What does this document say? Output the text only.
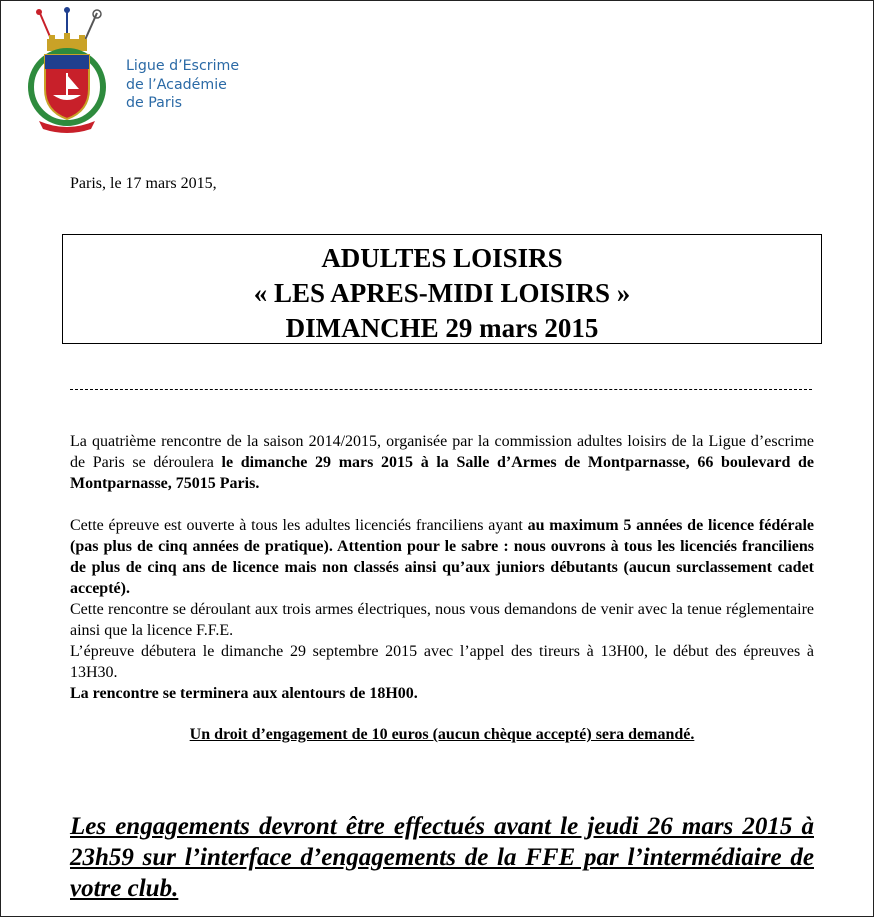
Ligue d’Escrime
de l’Académie
de Paris
Paris, le 17 mars 2015,
ADULTES LOISIRS
« LES APRES-MIDI LOISIRS »
DIMANCHE 29 mars 2015

La quatrième rencontre de la saison 2014/2015, organisée par la commission adultes loisirs de la Ligue d’escrime de Paris se déroulera le dimanche 29 mars 2015 à la Salle d’Armes de Montparnasse, 66 boulevard de Montparnasse, 75015 Paris.

Cette épreuve est ouverte à tous les adultes licenciés franciliens ayant au maximum 5 années de licence fédérale (pas plus de cinq années de pratique). Attention pour le sabre : nous ouvrons à tous les licenciés franciliens de plus de cinq ans de licence mais non classés ainsi qu’aux juniors débutants (aucun surclassement cadet accepté).

Cette rencontre se déroulant aux trois armes électriques, nous vous demandons de venir avec la tenue réglementaire ainsi que la licence F.F.E.

L’épreuve débutera le dimanche 29 septembre 2015 avec l’appel des tireurs à 13H00, le début des épreuves à 13H30.

La rencontre se terminera aux alentours de 18H00.

Un droit d’engagement de 10 euros (aucun chèque accepté) sera demandé.

Les engagements devront être effectués avant le jeudi 26 mars 2015 à 23h59 sur l’interface d’engagements de la FFE par l’intermédiaire de votre club.
